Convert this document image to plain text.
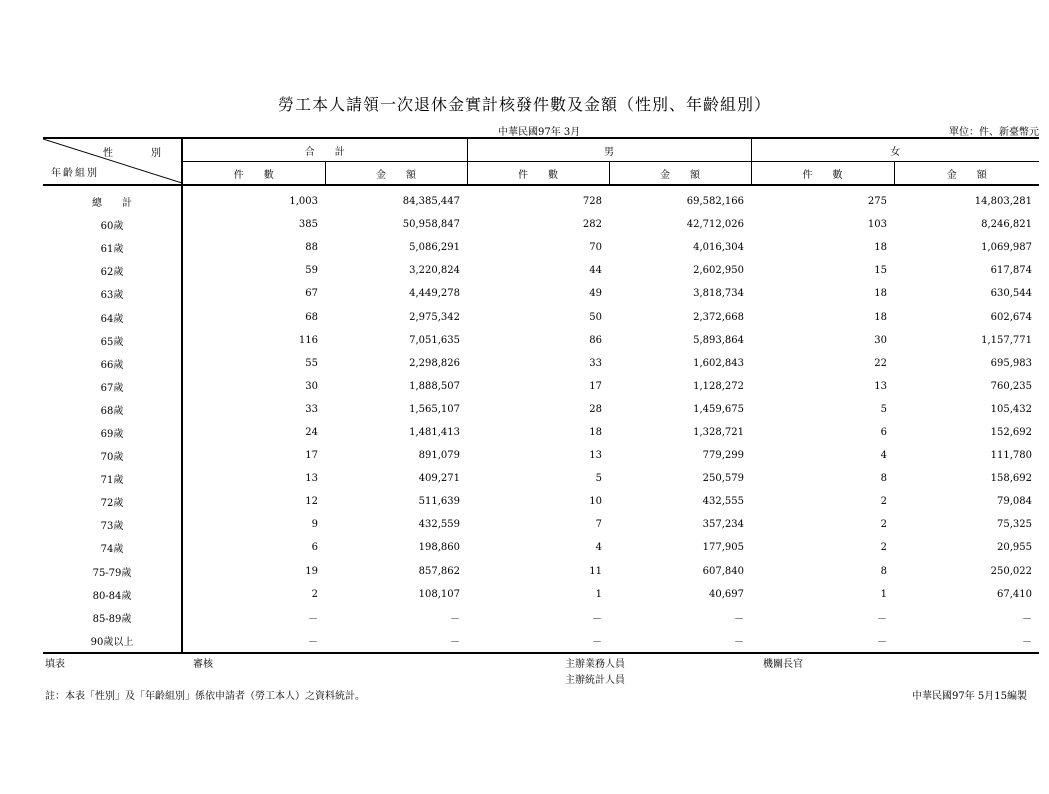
勞工本人請領一次退休金實計核發件數及金額（性別、年齡組別）
中華民國97年 3月	單位：件、新臺幣元
性　別
年齡組別	合　　計		男		女	
	件　　數	金　　額	件　　數	金　　額	件　　數	金　　額
總　　計	1,003	84,385,447	728	69,582,166	275	14,803,281
60歲	385	50,958,847	282	42,712,026	103	8,246,821
61歲	88	5,086,291	70	4,016,304	18	1,069,987
62歲	59	3,220,824	44	2,602,950	15	617,874
63歲	67	4,449,278	49	3,818,734	18	630,544
64歲	68	2,975,342	50	2,372,668	18	602,674
65歲	116	7,051,635	86	5,893,864	30	1,157,771
66歲	55	2,298,826	33	1,602,843	22	695,983
67歲	30	1,888,507	17	1,128,272	13	760,235
68歲	33	1,565,107	28	1,459,675	5	105,432
69歲	24	1,481,413	18	1,328,721	6	152,692
70歲	17	891,079	13	779,299	4	111,780
71歲	13	409,271	5	250,579	8	158,692
72歲	12	511,639	10	432,555	2	79,084
73歲	9	432,559	7	357,234	2	75,325
74歲	6	198,860	4	177,905	2	20,955
75-79歲	19	857,862	11	607,840	8	250,022
80-84歲	2	108,107	1	40,697	1	67,410
85-89歲	－	－	－	－	－	－
90歲以上	－	－	－	－	－	－
填表	審核	主辦業務人員
主辦統計人員
機關長官
註：本表「性別」及「年齡組別」係依申請者（勞工本人）之資料統計。	中華民國97年 5月15編製
